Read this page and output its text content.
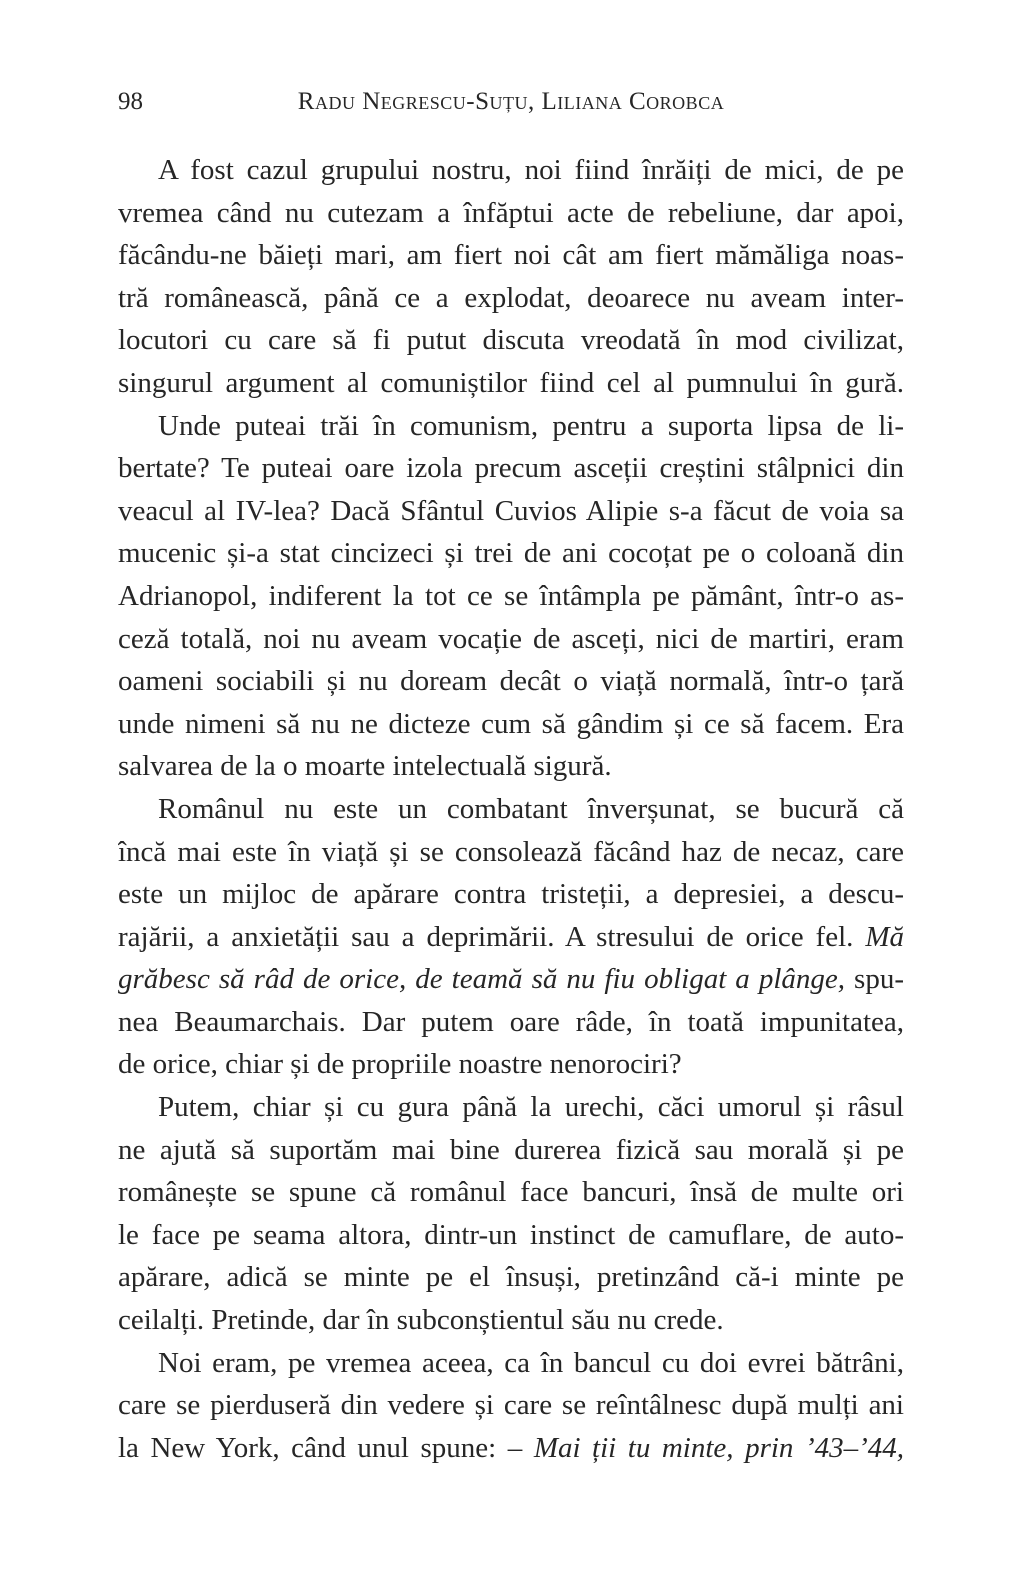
98	Radu Negrescu-Suțu, Liliana Corobca
A fost cazul grupului nostru, noi fiind înrăiți de mici, de pe
vremea când nu cutezam a înfăptui acte de rebeliune, dar apoi,
făcându-ne băieți mari, am fiert noi cât am fiert mămăliga noas-
tră românească, până ce a explodat, deoarece nu aveam inter-
locutori cu care să fi putut discuta vreodată în mod civilizat,
singurul argument al comuniștilor fiind cel al pumnului în gură.
Unde puteai trăi în comunism, pentru a suporta lipsa de li-
bertate? Te puteai oare izola precum asceții creștini stâlpnici din
veacul al IV-lea? Dacă Sfântul Cuvios Alipie s-a făcut de voia sa
mucenic și-a stat cincizeci și trei de ani cocoțat pe o coloană din
Adrianopol, indiferent la tot ce se întâmpla pe pământ, într-o as-
ceză totală, noi nu aveam vocație de asceți, nici de martiri, eram
oameni sociabili și nu doream decât o viață normală, într-o țară
unde nimeni să nu ne dicteze cum să gândim și ce să facem. Era
salvarea de la o moarte intelectuală sigură.
Românul nu este un combatant înverșunat, se bucură că
încă mai este în viață și se consolează făcând haz de necaz, care
este un mijloc de apărare contra tristeții, a depresiei, a descu-
rajării, a anxietății sau a deprimării. A stresului de orice fel. Mă
grăbesc să râd de orice, de teamă să nu fiu obligat a plânge, spu-
nea Beaumarchais. Dar putem oare râde, în toată impunitatea,
de orice, chiar și de propriile noastre nenorociri?
Putem, chiar și cu gura până la urechi, căci umorul și râsul
ne ajută să suportăm mai bine durerea fizică sau morală și pe
românește se spune că românul face bancuri, însă de multe ori
le face pe seama altora, dintr-un instinct de camuflare, de auto-
apărare, adică se minte pe el însuși, pretinzând că-i minte pe
ceilalți. Pretinde, dar în subconștientul său nu crede.
Noi eram, pe vremea aceea, ca în bancul cu doi evrei bătrâni,
care se pierduseră din vedere și care se reîntâlnesc după mulți ani
la New York, când unul spune: – Mai ții tu minte, prin ’43–’44,
